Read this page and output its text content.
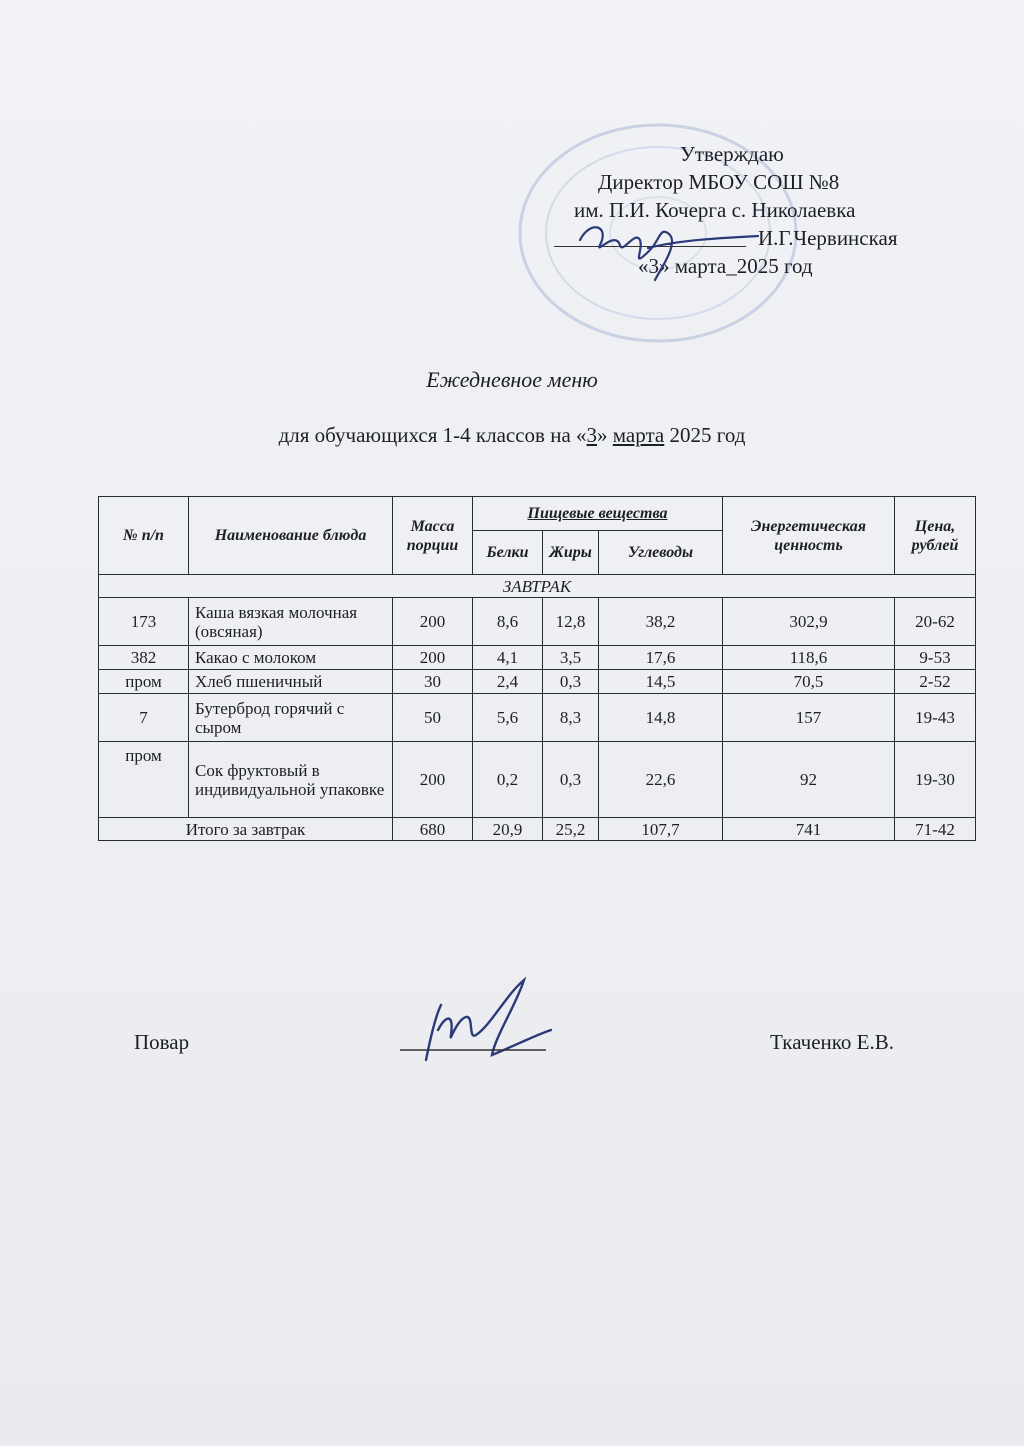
Утверждаю
Директор МБОУ СОШ №8
им. П.И. Кочерга с. Николаевка
И.Г.Червинская
«3» марта_2025 год
Ежедневное меню
для обучающихся 1-4 классов на «3» марта 2025 год
№ п/п	Наименование блюда	Масса порции	Пищевые вещества			Энергетическая ценность	Цена, рублей
			Белки	Жиры	Углеводы		
ЗАВТРАК							
173	Каша вязкая молочная (овсяная)	200	8,6	12,8	38,2	302,9	20-62
382	Какао с молоком	200	4,1	3,5	17,6	118,6	9-53
пром	Хлеб пшеничный	30	2,4	0,3	14,5	70,5	2-52
7	Бутерброд горячий с сыром	50	5,6	8,3	14,8	157	19-43
пром	Сок фруктовый в индивидуальной упаковке	200	0,2	0,3	22,6	92	19-30
Итого за завтрак		680	20,9	25,2	107,7	741	71-42
Повар	Ткаченко Е.В.
